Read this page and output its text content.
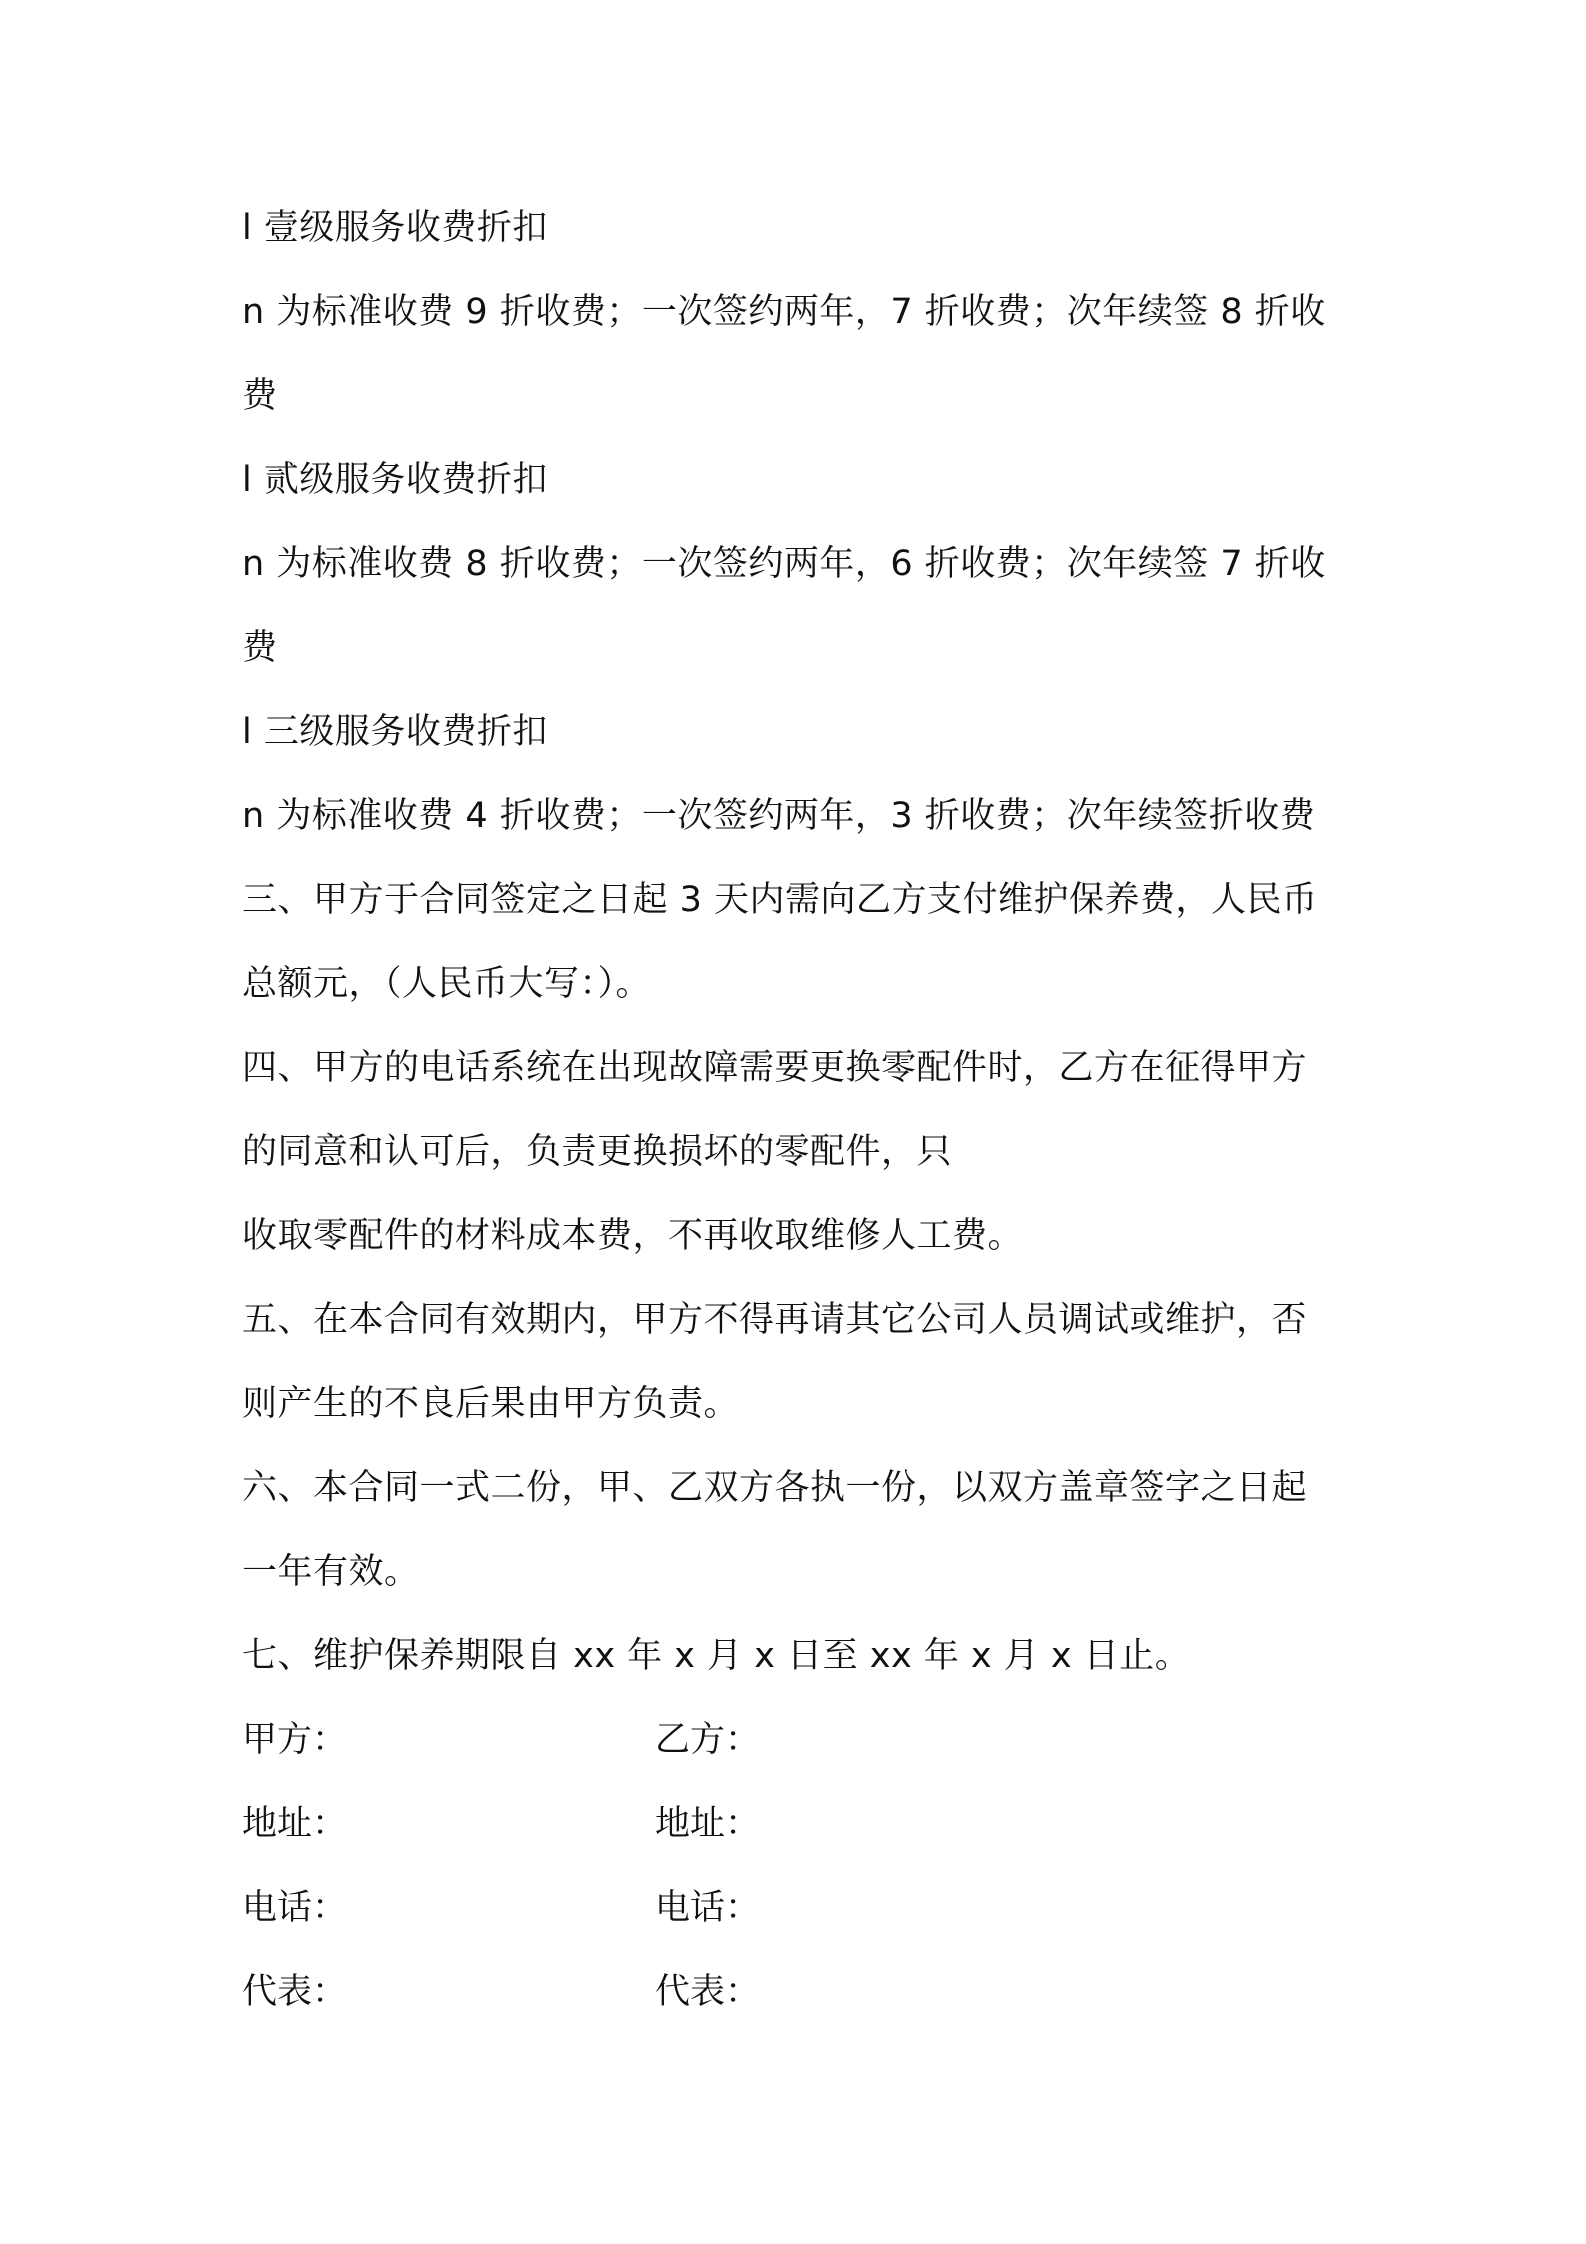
l 壹级服务收费折扣
n 为标准收费 9 折收费；一次签约两年，7 折收费；次年续签 8 折收
费
l 贰级服务收费折扣
n 为标准收费 8 折收费；一次签约两年，6 折收费；次年续签 7 折收
费
l 三级服务收费折扣
n 为标准收费 4 折收费；一次签约两年，3 折收费；次年续签折收费
三、甲方于合同签定之日起 3 天内需向乙方支付维护保养费，人民币
总额元，（人民币大写：）。
四、甲方的电话系统在出现故障需要更换零配件时，乙方在征得甲方
的同意和认可后，负责更换损坏的零配件，只
收取零配件的材料成本费，不再收取维修人工费。
五、在本合同有效期内，甲方不得再请其它公司人员调试或维护，否
则产生的不良后果由甲方负责。
六、本合同一式二份，甲、乙双方各执一份，以双方盖章签字之日起
一年有效。
七、维护保养期限自 xx 年 x 月 x 日至 xx 年 x 月 x 日止。
甲方：	乙方：
地址：	地址：
电话：	电话：
代表：	代表：
